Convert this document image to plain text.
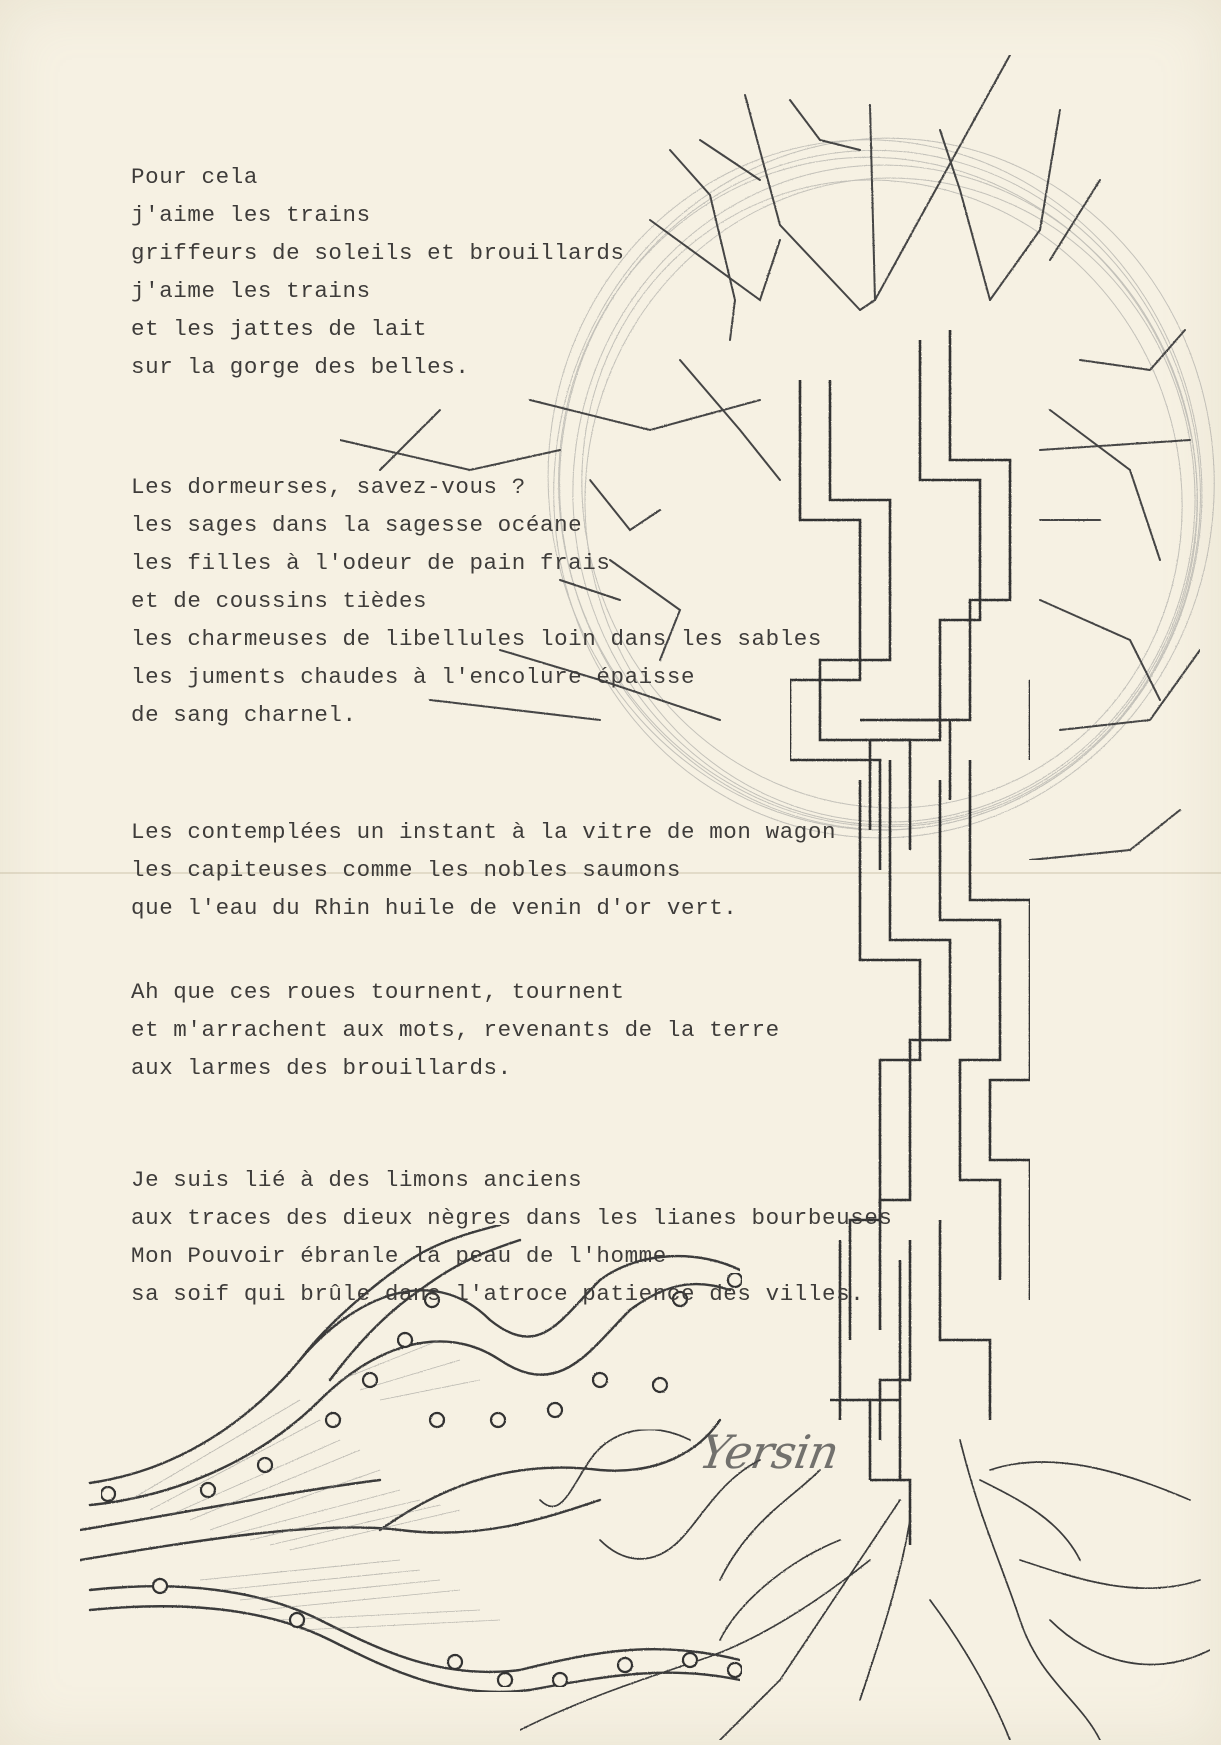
Pour cela
j'aime les trains
griffeurs de soleils et brouillards
j'aime les trains
et les jattes de lait
sur la gorge des belles.
Les dormeurses, savez-vous ?
les sages dans la sagesse océane
les filles à l'odeur de pain frais
et de coussins tièdes
les charmeuses de libellules loin dans les sables
les juments chaudes à l'encolure épaisse
de sang charnel.
Les contemplées un instant à la vitre de mon wagon
les capiteuses comme les nobles saumons
que l'eau du Rhin huile de venin d'or vert.
Ah que ces roues tournent, tournent
et m'arrachent aux mots, revenants de la terre
aux larmes des brouillards.
Je suis lié à des limons anciens
aux traces des dieux nègres dans les lianes bourbeuses
Mon Pouvoir ébranle la peau de l'homme
sa soif qui brûle dans l'atroce patience des villes.
Yersin
